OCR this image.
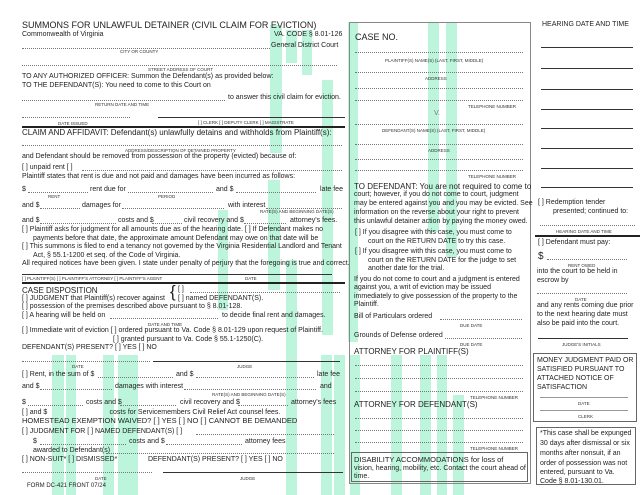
SUMMONS FOR UNLAWFUL DETAINER (CIVIL CLAIM FOR EVICTION)
Commonwealth of Virginia	VA. CODE § 8.01-126
General District Court
CITY OR COUNTY
STREET ADDRESS OF COURT
TO ANY AUTHORIZED OFFICER: Summon the Defendant(s) as provided below:
TO THE DEFENDANT(S): You need to come to this Court on
to answer this civil claim for eviction.
RETURN DATE AND TIME
DATE ISSUED	[ ] CLERK [ ] DEPUTY CLERK [ ] MAGISTRATE
CLAIM AND AFFIDAVIT: Defendant(s) unlawfully detains and withholds from Plaintiff(s):
ADDRESS/DESCRIPTION OF DETAINED PROPERTY
and Defendant should be removed from possession of the property (evicted) because of:
[ ] unpaid rent [ ]
Plaintiff states that rent is due and not paid and damages have been incurred as follows:
$	rent due for	and $	late fee
RENT	PERIOD
and $	damages for	with interest
RATE(S) AND BEGINNING DATE(S)
and $	costs and $	civil recovery and $	attorney's fees.
[ ] Plaintiff asks for judgment for all amounts due as of the hearing date. [ ] If Defendant makes no
payments before that date, the approximate amount Defendant may owe on that date will be
[ ] This summons is filed to end a tenancy not governed by the Virginia Residential Landlord and Tenant
Act, § 55.1-1200 et seq. of the Code of Virginia.
All required notices have been given. I state under penalty of perjury that the foregoing is true and correct.
[ ] PLAINTIFF(S) [ ] PLAINTIFF'S ATTORNEY [ ] PLAINTIFF'S AGENT	DATE
CASE DISPOSITION	{ [ ]
[ ] JUDGMENT that Plaintiff(s) recover against [ ] named DEFENDANT(S).
[ ] possession of the premises described above pursuant to § 8.01-128.
[ ] A hearing will be held on	to decide final rent and damages.
DATE AND TIME
[ ] Immediate writ of eviction [ ] ordered pursuant to Va. Code § 8.01-129 upon request of Plaintiff.
[ ] granted pursuant to Va. Code § 55.1-1250(C).
DEFENDANT(S) PRESENT? [ ] YES [ ] NO
DATE	JUDGE
[ ] Rent, in the sum of $	and $	late fee
and $	damages with interest	and
RATE(S) AND BEGINNING DATE(S)
$	costs and $	civil recovery and $	attorney's fees
[ ] and $                                costs for Servicemembers Civil Relief Act counsel fees.
HOMESTEAD EXEMPTION WAIVED? [ ] YES [ ] NO [ ] CANNOT BE DEMANDED
[ ] JUDGMENT FOR [ ] NAMED DEFENDANT(S) [ ]
$	costs and $	attorney fees
awarded to Defendant(s)
[ ] NON-SUIT* [ ] DISMISSED*	DEFENDANT(S) PRESENT? [ ] YES [ ] NO
DATE	JUDGE
FORM DC-421 FRONT 07/24
CASE NO.
PLAINTIFF(S) NAME(S) (LAST, FIRST, MIDDLE)
ADDRESS
TELEPHONE NUMBER
V.
DEFENDANT(S) NAME(S) (LAST, FIRST, MIDDLE)
ADDRESS
TELEPHONE NUMBER
TO DEFENDANT: You are not required to come to
court; however, if you do not come to court, judgment
may be entered against you and you may be evicted. See
information on the reverse about your right to prevent
this unlawful detainer action by paying the money owed.
[ ] If you disagree with this case, you must come to
court on the RETURN DATE to try this case.
[ ] If you disagree with this case, you must come to
court on the RETURN DATE for the judge to set
another date for the trial.
If you do not come to court and a judgment is entered
against you, a writ of eviction may be issued
immediately to give possession of the property to the
Plaintiff.
Bill of Particulars ordered
DUE DATE
Grounds of Defense ordered
DUE DATE
ATTORNEY FOR PLAINTIFF(S)
TELEPHONE NUMBER
ATTORNEY FOR DEFENDANT(S)
TELEPHONE NUMBER
DISABILITY ACCOMMODATIONS for loss of
vision, hearing, mobility, etc. Contact the court ahead of
time.
HEARING DATE AND TIME
[ ] Redemption tender
presented; continued to:
HEARING DATE AND TIME
[ ] Defendant must pay:
$
RENT OWED
into the court to be held in
escrow by
DATE
and any rents coming due prior
to the next hearing date must
also be paid into the court.
JUDGE'S INITIALS
MONEY JUDGMENT PAID OR
SATISFIED PURSUANT TO
ATTACHED NOTICE OF
SATISFACTION
DATE
CLERK
*This case shall be expunged
30 days after dismissal or six
months after nonsuit, if an
order of possession was not
entered, pursuant to Va.
Code § 8.01-130.01.
